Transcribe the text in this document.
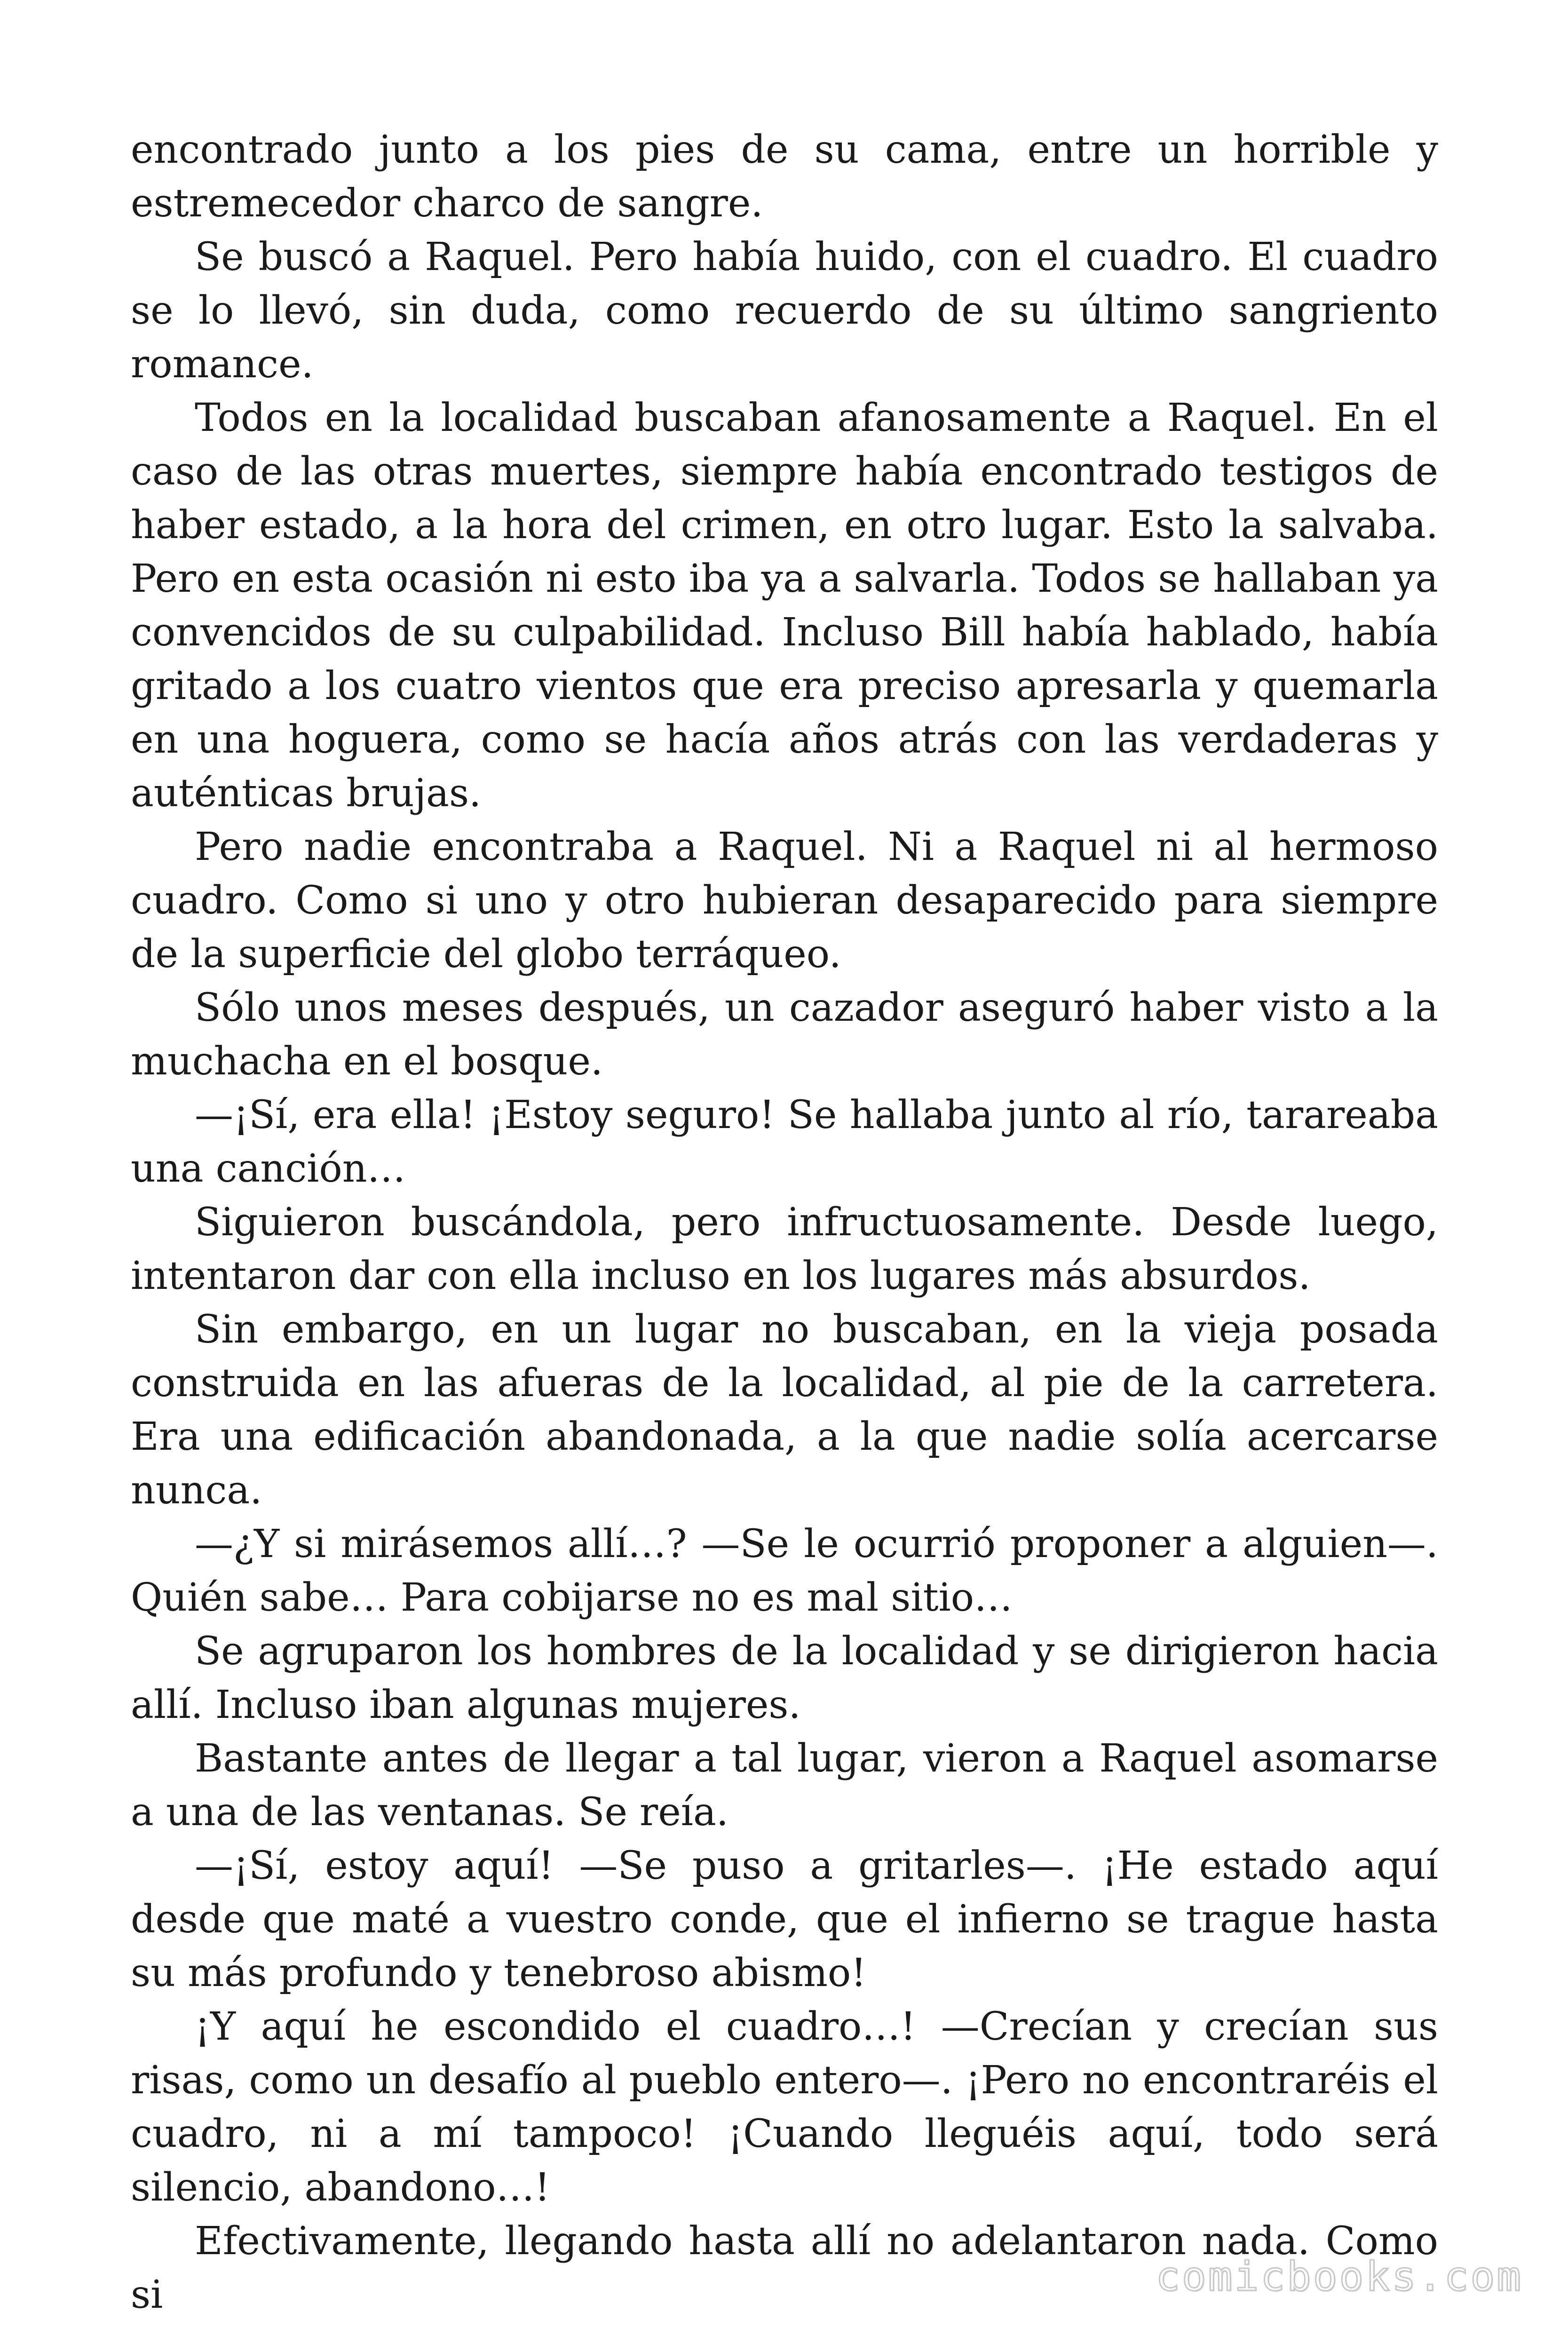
encontrado junto a los pies de su cama, entre un horrible y estremecedor charco de sangre.

Se buscó a Raquel. Pero había huido, con el cuadro. El cuadro se lo llevó, sin duda, como recuerdo de su último sangriento romance.

Todos en la localidad buscaban afanosamente a Raquel. En el caso de las otras muertes, siempre había encontrado testigos de haber estado, a la hora del crimen, en otro lugar. Esto la salvaba. Pero en esta ocasión ni esto iba ya a salvarla. Todos se hallaban ya convencidos de su culpabilidad. Incluso Bill había hablado, había gritado a los cuatro vientos que era preciso apresarla y quemarla en una hoguera, como se hacía años atrás con las verdaderas y auténticas brujas.

Pero nadie encontraba a Raquel. Ni a Raquel ni al hermoso cuadro. Como si uno y otro hubieran desaparecido para siempre de la superficie del globo terráqueo.

Sólo unos meses después, un cazador aseguró haber visto a la muchacha en el bosque.

—¡Sí, era ella! ¡Estoy seguro! Se hallaba junto al río, tarareaba una canción…

Siguieron buscándola, pero infructuosamente. Desde luego, intentaron dar con ella incluso en los lugares más absurdos.

Sin embargo, en un lugar no buscaban, en la vieja posada construida en las afueras de la localidad, al pie de la carretera. Era una edificación abandonada, a la que nadie solía acercarse nunca.

—¿Y si mirásemos allí…? —Se le ocurrió proponer a alguien—. Quién sabe… Para cobijarse no es mal sitio…

Se agruparon los hombres de la localidad y se dirigieron hacia allí. Incluso iban algunas mujeres.

Bastante antes de llegar a tal lugar, vieron a Raquel asomarse a una de las ventanas. Se reía.

—¡Sí, estoy aquí! —Se puso a gritarles—. ¡He estado aquí desde que maté a vuestro conde, que el infierno se trague hasta su más profundo y tenebroso abismo!

¡Y aquí he escondido el cuadro…! —Crecían y crecían sus risas, como un desafío al pueblo entero—. ¡Pero no encontraréis el cuadro, ni a mí tampoco! ¡Cuando lleguéis aquí, todo será silencio, abandono…!

Efectivamente, llegando hasta allí no adelantaron nada. Como si	comicbooks.com
